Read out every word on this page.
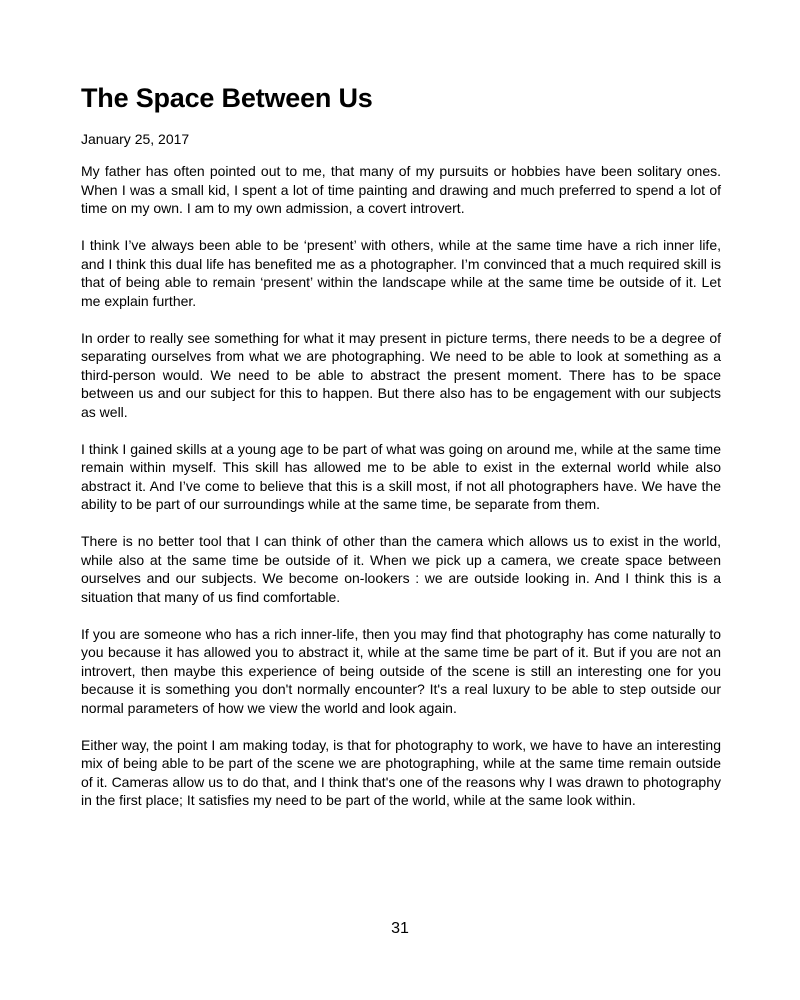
The Space Between Us

January 25, 2017

My father has often pointed out to me, that many of my pursuits or hobbies have been solitary ones. When I was a small kid, I spent a lot of time painting and drawing and much preferred to spend a lot of time on my own. I am to my own admission, a covert introvert.

I think I’ve always been able to be ‘present’ with others, while at the same time have a rich inner life, and I think this dual life has benefited me as a photographer. I’m convinced that a much required skill is that of being able to remain ‘present’ within the landscape while at the same time be outside of it. Let me explain further.

In order to really see something for what it may present in picture terms, there needs to be a degree of separating ourselves from what we are photographing. We need to be able to look at something as a third-person would. We need to be able to abstract the present moment. There has to be space between us and our subject for this to happen. But there also has to be engagement with our subjects as well.

I think I gained skills at a young age to be part of what was going on around me, while at the same time remain within myself. This skill has allowed me to be able to exist in the external world while also abstract it. And I’ve come to believe that this is a skill most, if not all photographers have. We have the ability to be part of our surroundings while at the same time, be separate from them.

There is no better tool that I can think of other than the camera which allows us to exist in the world, while also at the same time be outside of it. When we pick up a camera, we create space between ourselves and our subjects. We become on-lookers : we are outside looking in. And I think this is a situation that many of us find comfortable.

If you are someone who has a rich inner-life, then you may find that photography has come naturally to you because it has allowed you to abstract it, while at the same time be part of it. But if you are not an introvert, then maybe this experience of being outside of the scene is still an interesting one for you because it is something you don't normally encounter? It's a real luxury to be able to step outside our normal parameters of how we view the world and look again.

Either way, the point I am making today, is that for photography to work, we have to have an interesting mix of being able to be part of the scene we are photographing, while at the same time remain outside of it. Cameras allow us to do that, and I think that's one of the reasons why I was drawn to photography in the first place; It satisfies my need to be part of the world, while at the same look within.

31
